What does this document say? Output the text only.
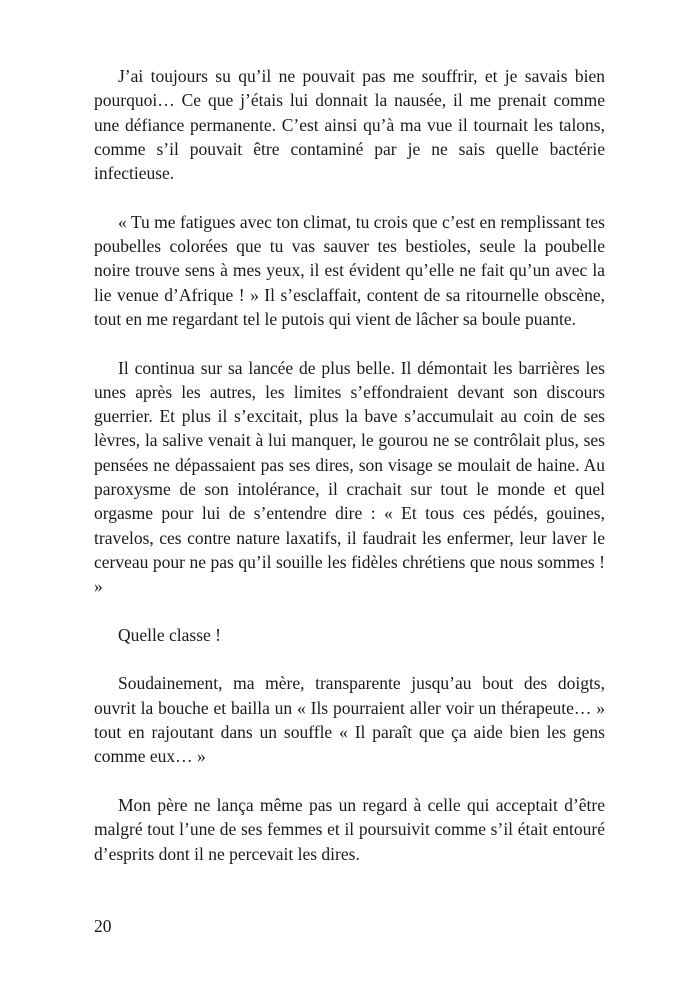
J’ai toujours su qu’il ne pouvait pas me souffrir, et je savais bien pourquoi… Ce que j’étais lui donnait la nausée, il me prenait comme une défiance permanente. C’est ainsi qu’à ma vue il tournait les talons, comme s’il pouvait être contaminé par je ne sais quelle bactérie infectieuse.

« Tu me fatigues avec ton climat, tu crois que c’est en remplissant tes poubelles colorées que tu vas sauver tes bestioles, seule la poubelle noire trouve sens à mes yeux, il est évident qu’elle ne fait qu’un avec la lie venue d’Afrique ! » Il s’esclaffait, content de sa ritournelle obscène, tout en me regardant tel le putois qui vient de lâcher sa boule puante.

Il continua sur sa lancée de plus belle. Il démontait les barrières les unes après les autres, les limites s’effondraient devant son discours guerrier. Et plus il s’excitait, plus la bave s’accumulait au coin de ses lèvres, la salive venait à lui manquer, le gourou ne se contrôlait plus, ses pensées ne dépassaient pas ses dires, son visage se moulait de haine. Au paroxysme de son intolérance, il crachait sur tout le monde et quel orgasme pour lui de s’entendre dire : « Et tous ces pédés, gouines, travelos, ces contre nature laxatifs, il faudrait les enfermer, leur laver le cerveau pour ne pas qu’il souille les fidèles chrétiens que nous sommes ! »

Quelle classe !

Soudainement, ma mère, transparente jusqu’au bout des doigts, ouvrit la bouche et bailla un « Ils pourraient aller voir un thérapeute… » tout en rajoutant dans un souffle « Il paraît que ça aide bien les gens comme eux… »

Mon père ne lança même pas un regard à celle qui acceptait d’être malgré tout l’une de ses femmes et il poursuivit comme s’il était entouré d’esprits dont il ne percevait les dires.

20
